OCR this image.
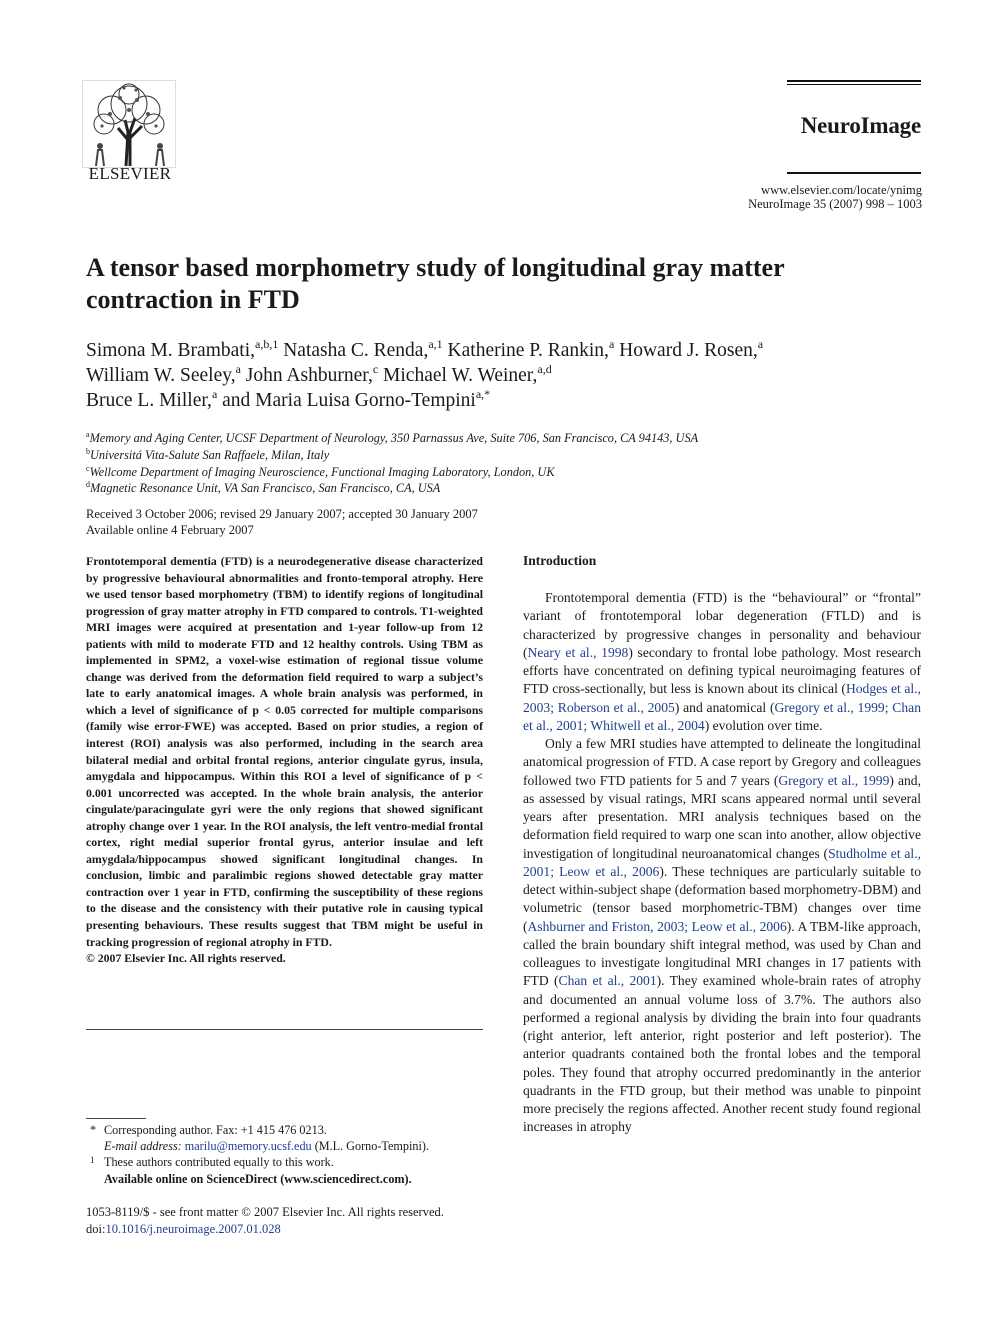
ELSEVIER
NeuroImage
www.elsevier.com/locate/ynimg
NeuroImage 35 (2007) 998 – 1003
A tensor based morphometry study of longitudinal gray matter contraction in FTD
Simona M. Brambati,$^{a,b,1}$ Natasha C. Renda,$^{a,1}$ Katherine P. Rankin,$^a$ Howard J. Rosen,$^a$
William W. Seeley,$^a$ John Ashburner,$^c$ Michael W. Weiner,$^{a,d}$
Bruce L. Miller,$^a$ and Maria Luisa Gorno-Tempini$^{a,*}$
$^a$Memory and Aging Center, UCSF Department of Neurology, 350 Parnassus Ave, Suite 706, San Francisco, CA 94143, USA
$^b$Universitá Vita-Salute San Raffaele, Milan, Italy
$^c$Wellcome Department of Imaging Neuroscience, Functional Imaging Laboratory, London, UK
$^d$Magnetic Resonance Unit, VA San Francisco, San Francisco, CA, USA
Received 3 October 2006; revised 29 January 2007; accepted 30 January 2007
Available online 4 February 2007

Frontotemporal dementia (FTD) is a neurodegenerative disease characterized by progressive behavioural abnormalities and fronto-temporal atrophy. Here we used tensor based morphometry (TBM) to identify regions of longitudinal progression of gray matter atrophy in FTD compared to controls. T1-weighted MRI images were acquired at presentation and 1-year follow-up from 12 patients with mild to moderate FTD and 12 healthy controls. Using TBM as implemented in SPM2, a voxel-wise estimation of regional tissue volume change was derived from the deformation field required to warp a subject’s late to early anatomical images. A whole brain analysis was performed, in which a level of significance of p < 0.05 corrected for multiple comparisons (family wise error-FWE) was accepted. Based on prior studies, a region of interest (ROI) analysis was also performed, including in the search area bilateral medial and orbital frontal regions, anterior cingulate gyrus, insula, amygdala and hippocampus. Within this ROI a level of significance of p < 0.001 uncorrected was accepted. In the whole brain analysis, the anterior cingulate/paracingulate gyri were the only regions that showed significant atrophy change over 1 year. In the ROI analysis, the left ventro-medial frontal cortex, right medial superior frontal gyrus, anterior insulae and left amygdala/hippocampus showed significant longitudinal changes. In conclusion, limbic and paralimbic regions showed detectable gray matter contraction over 1 year in FTD, confirming the susceptibility of these regions to the disease and the consistency with their putative role in causing typical presenting behaviours. These results suggest that TBM might be useful in tracking progression of regional atrophy in FTD.

© 2007 Elsevier Inc. All rights reserved.

* Corresponding author. Fax: +1 415 476 0213.
E-mail address: marilu@memory.ucsf.edu (M.L. Gorno-Tempini).
1 These authors contributed equally to this work.
Available online on ScienceDirect (www.sciencedirect.com).
1053-8119/$ - see front matter © 2007 Elsevier Inc. All rights reserved.
doi:10.1016/j.neuroimage.2007.01.028
Introduction

Frontotemporal dementia (FTD) is the “behavioural” or “frontal” variant of frontotemporal lobar degeneration (FTLD) and is characterized by progressive changes in personality and behaviour (Neary et al., 1998) secondary to frontal lobe pathology. Most research efforts have concentrated on defining typical neuroimaging features of FTD cross-sectionally, but less is known about its clinical (Hodges et al., 2003; Roberson et al., 2005) and anatomical (Gregory et al., 1999; Chan et al., 2001; Whitwell et al., 2004) evolution over time.

Only a few MRI studies have attempted to delineate the longitudinal anatomical progression of FTD. A case report by Gregory and colleagues followed two FTD patients for 5 and 7 years (Gregory et al., 1999) and, as assessed by visual ratings, MRI scans appeared normal until several years after presentation. MRI analysis techniques based on the deformation field required to warp one scan into another, allow objective investigation of longitudinal neuroanatomical changes (Studholme et al., 2001; Leow et al., 2006). These techniques are particularly suitable to detect within-subject shape (deformation based morphometry-DBM) and volumetric (tensor based morphometric-TBM) changes over time (Ashburner and Friston, 2003; Leow et al., 2006). A TBM-like approach, called the brain boundary shift integral method, was used by Chan and colleagues to investigate longitudinal MRI changes in 17 patients with FTD (Chan et al., 2001). They examined whole-brain rates of atrophy and documented an annual volume loss of 3.7%. The authors also performed a regional analysis by dividing the brain into four quadrants (right anterior, left anterior, right posterior and left posterior). The anterior quadrants contained both the frontal lobes and the temporal poles. They found that atrophy occurred predominantly in the anterior quadrants in the FTD group, but their method was unable to pinpoint more precisely the regions affected. Another recent study found regional increases in atrophy
